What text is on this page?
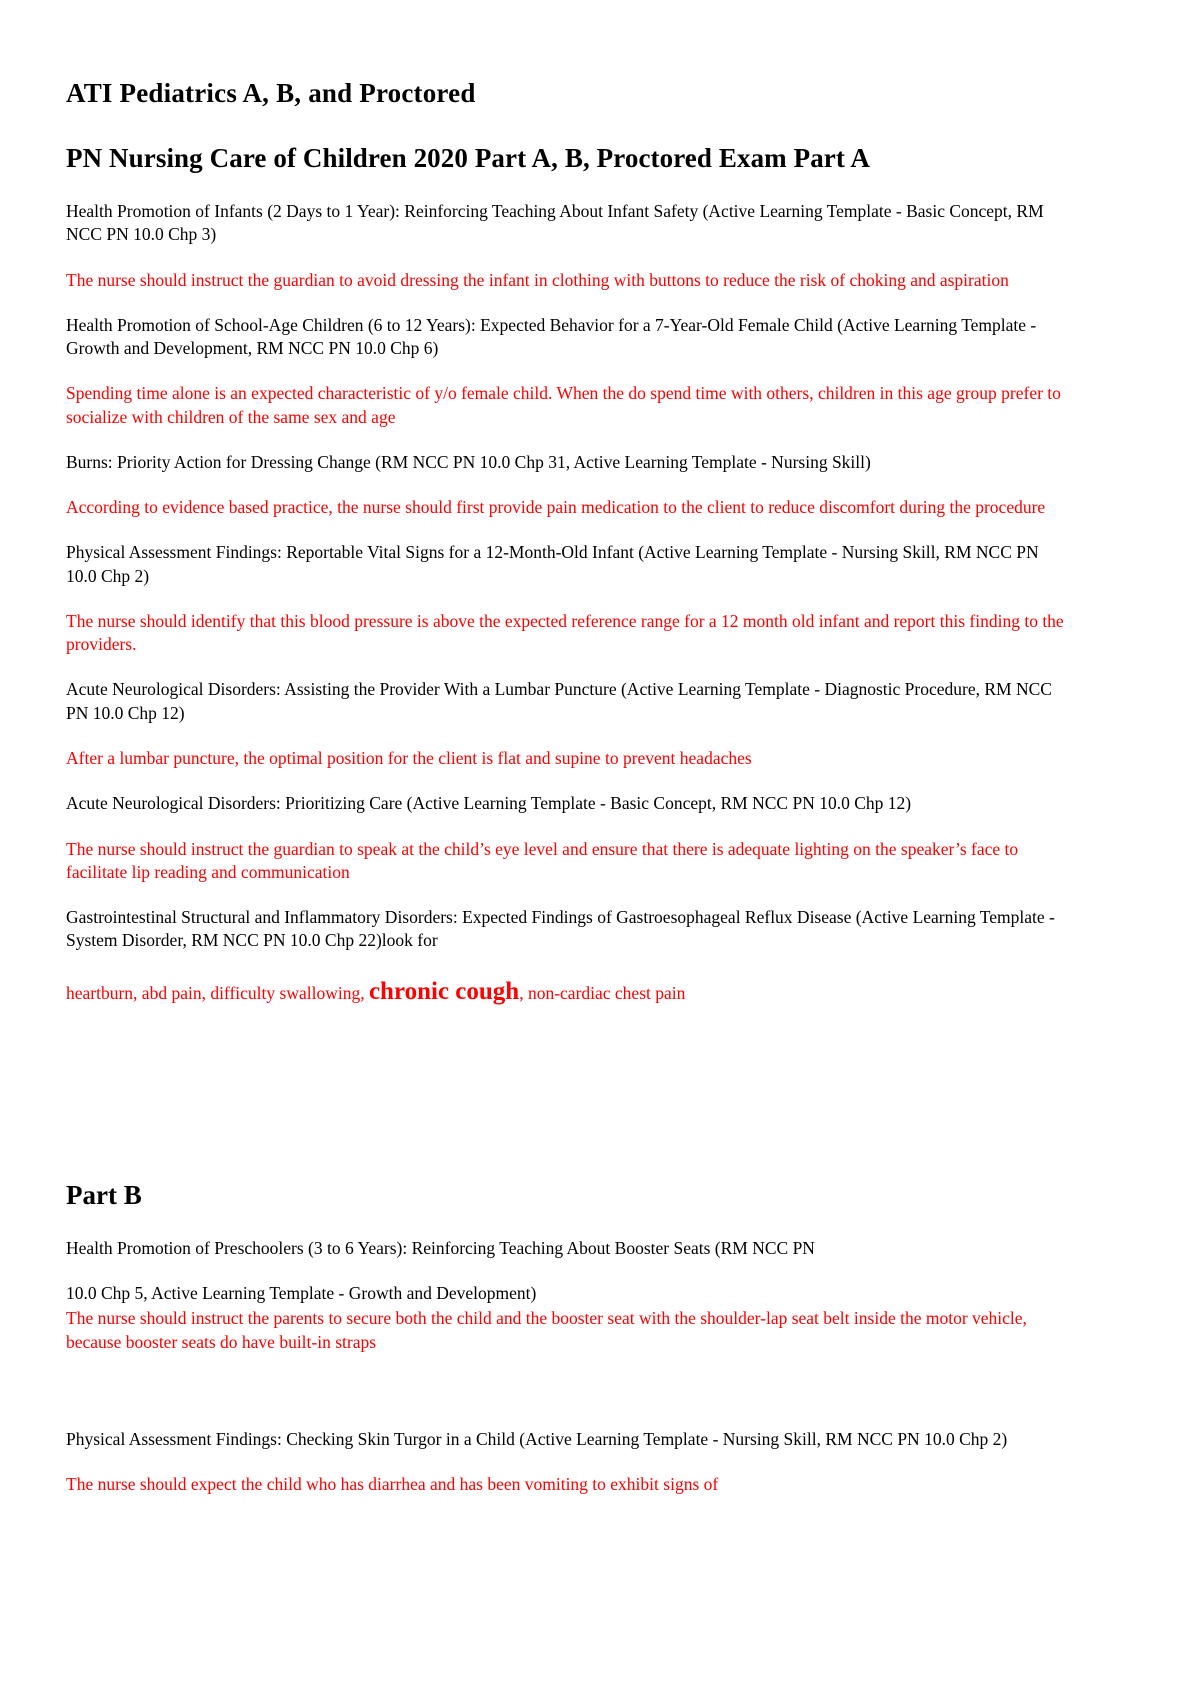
ATI Pediatrics A, B, and Proctored
PN Nursing Care of Children 2020 Part A, B, Proctored Exam Part A

Health Promotion of Infants (2 Days to 1 Year): Reinforcing Teaching About Infant Safety (Active Learning Template - Basic Concept, RM NCC PN 10.0 Chp 3)

The nurse should instruct the guardian to avoid dressing the infant in clothing with buttons to reduce the risk of choking and aspiration

Health Promotion of School-Age Children (6 to 12 Years): Expected Behavior for a 7-Year-Old Female Child (Active Learning Template - Growth and Development, RM NCC PN 10.0 Chp 6)

Spending time alone is an expected characteristic of y/o female child. When the do spend time with others, children in this age group prefer to socialize with children of the same sex and age

Burns: Priority Action for Dressing Change (RM NCC PN 10.0 Chp 31, Active Learning Template - Nursing Skill)

According to evidence based practice, the nurse should first provide pain medication to the client to reduce discomfort during the procedure

Physical Assessment Findings: Reportable Vital Signs for a 12-Month-Old Infant (Active Learning Template - Nursing Skill, RM NCC PN 10.0 Chp 2)

The nurse should identify that this blood pressure is above the expected reference range for a 12 month old infant and report this finding to the providers.

Acute Neurological Disorders: Assisting the Provider With a Lumbar Puncture (Active Learning Template - Diagnostic Procedure, RM NCC PN 10.0 Chp 12)

After a lumbar puncture, the optimal position for the client is flat and supine to prevent headaches

Acute Neurological Disorders: Prioritizing Care (Active Learning Template - Basic Concept, RM NCC PN 10.0 Chp 12)

The nurse should instruct the guardian to speak at the child’s eye level and ensure that there is adequate lighting on the speaker’s face to facilitate lip reading and communication

Gastrointestinal Structural and Inflammatory Disorders: Expected Findings of Gastroesophageal Reflux Disease (Active Learning Template - System Disorder, RM NCC PN 10.0 Chp 22)look for

heartburn, abd pain, difficulty swallowing, chronic cough, non-cardiac chest pain

Part B

Health Promotion of Preschoolers (3 to 6 Years): Reinforcing Teaching About Booster Seats (RM NCC PN

10.0 Chp 5, Active Learning Template - Growth and Development)

The nurse should instruct the parents to secure both the child and the booster seat with the shoulder-lap seat belt inside the motor vehicle, because booster seats do have built-in straps

Physical Assessment Findings: Checking Skin Turgor in a Child (Active Learning Template - Nursing Skill, RM NCC PN 10.0 Chp 2)

The nurse should expect the child who has diarrhea and has been vomiting to exhibit signs of
